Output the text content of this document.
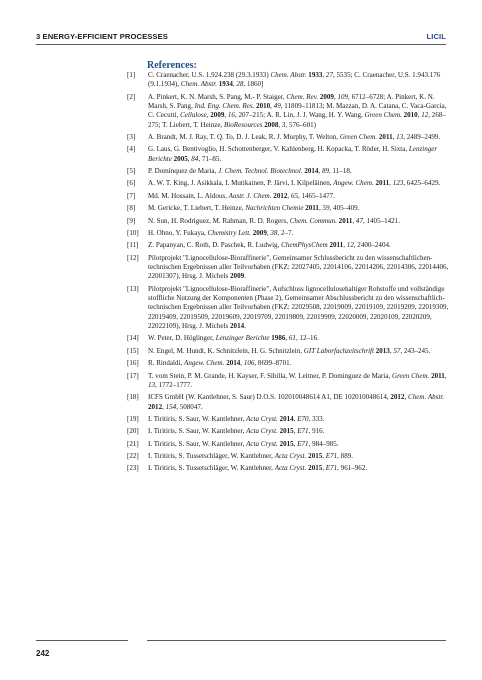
3 ENERGY-EFFICIENT PROCESSES	LICIL
References:
[1]	C. Craenacher, U.S. 1.924.238 (29.3.1933) Chem. Abstr. 1933, 27, 5535; C. Craenacher, U.S. 1.943.176 (9.1.1934), Chem. Abstr. 1934, 28, 1860]
[2]	A. Pinkert, K. N. Marsh, S. Pang, M.- P. Staiger, Chem. Rev. 2009, 109, 6712–6728; A. Pinkert, K. N. Marsh, S. Pang, Ind. Eng. Chem. Res. 2010, 49, 11809–11813; M. Mazzan, D. A. Catana, C. Vaca-Garcia, C. Cecutti, Cellulose, 2009, 16, 207–215; A. R. Lin, J. J. Wang, H. Y. Wang, Green Chem. 2010, 12, 268–275; T. Liebert, T. Heinze, BioResources 2008, 3, 576–601)
[3]	A. Brandt, M. J. Ray, T. Q. To, D. J. Leak, R. J. Murphy, T. Welton, Green Chem. 2011, 13, 2489–2499.
[4]	G. Laus, G. Bentivoglio, H. Schottenberger, V. Kahlenberg, H. Kopacka, T. Röder, H. Sixta, Lenzinger Berichte 2005, 84, 71–85.
[5]	P. Domínquez de Maria, J. Chem. Technol. Biotechnol. 2014, 89, 11–18.
[6]	A. W. T. King, J. Asikkala, I. Mutikainen, P. Järvi, I. Kilpeläinen, Angew. Chem. 2011, 123, 6425–6429.
[7]	Md. M. Hossain, L. Aldous, Austr. J. Chem. 2012, 65, 1465–1477.
[8]	M. Gericke, T. Liebert, T. Heinze, Nachrichten Chemie 2011, 59, 405–409.
[9]	N. Sun, H. Rodriguez, M. Rahman, R. D. Rogers, Chem. Commun. 2011, 47, 1405–1421.
[10]	H. Ohno, Y. Fukaya, Chemistry Lett. 2009, 38, 2–7.
[11]	Z. Papanyan, C. Roth, D. Paschek, R. Ludwig, ChemPhysChem 2011, 12, 2400–2404.
[12]	Pilotprojekt "Lignocellulose-Bioraffinerie", Gemeinsamer Schlussbericht zu den wissenschaftlichen-technischen Ergebnissen aller Teilvorhaben (FKZ: 22027405, 22014106, 22014206, 22014306, 22014406, 22001307), Hrsg. J. Michels 2009.
[13]	Pilotprojekt "Lignocellulose-Bioraffinerie", Aufschluss lignocellulosehaltiger Rohstoffe und vollständige stoffliche Nutzung der Komponenten (Phase 2), Gemeinsamer Abschlussbericht zu den wissenschaftlich-technischen Ergebnissen aller Teilvorhaben (FKZ: 22029508, 22019009, 22019109, 22019209, 22019309, 22019409, 22019509, 22019609, 22019709, 22019809, 22019909, 22020009, 22020109, 22020209, 22022109), Hrsg. J. Michels 2014.
[14]	W. Peter, D. Höglinger, Lenzinger Berichte 1986, 61, 12–16.
[15]	N. Engel, M. Hundt, K. Schnitzlein, H. G. Schnitzlein, GIT Laborfachzeitschrift 2013, 57, 243–245.
[16]	R. Rindaldi, Angew. Chem. 2014, 106, 8699–8701.
[17]	T. vom Stein, P. M. Grande, H. Kayser, F. Sibilla, W. Leitner, P. Dominguez de Maria, Green Chem. 2011, 13, 1772–1777.
[18]	ICFS GmbH (W. Kantlehner, S. Saur) D.O.S. 102010048614 A1, DE 102010048614, 2012, Chem. Abstr. 2012, 154, 508047.
[19]	I. Tiritiris, S. Saur, W. Kantlehner, Acta Cryst. 2014, E70, 333.
[20]	I. Tiritiris, S. Saur, W. Kantlehner, Acta Cryst. 2015, E71, 916.
[21]	I. Tiritiris, S. Saur, W. Kantlehner, Acta Cryst. 2015, E71, 984–985.
[22]	I. Tiritiris, S. Tussetschläger, W. Kantlehner, Acta Cryst. 2015, E71, 889.
[23]	I. Tiritiris, S. Tussetschläger, W. Kantlehner, Acta Cryst. 2015, E71, 961–962.
242
